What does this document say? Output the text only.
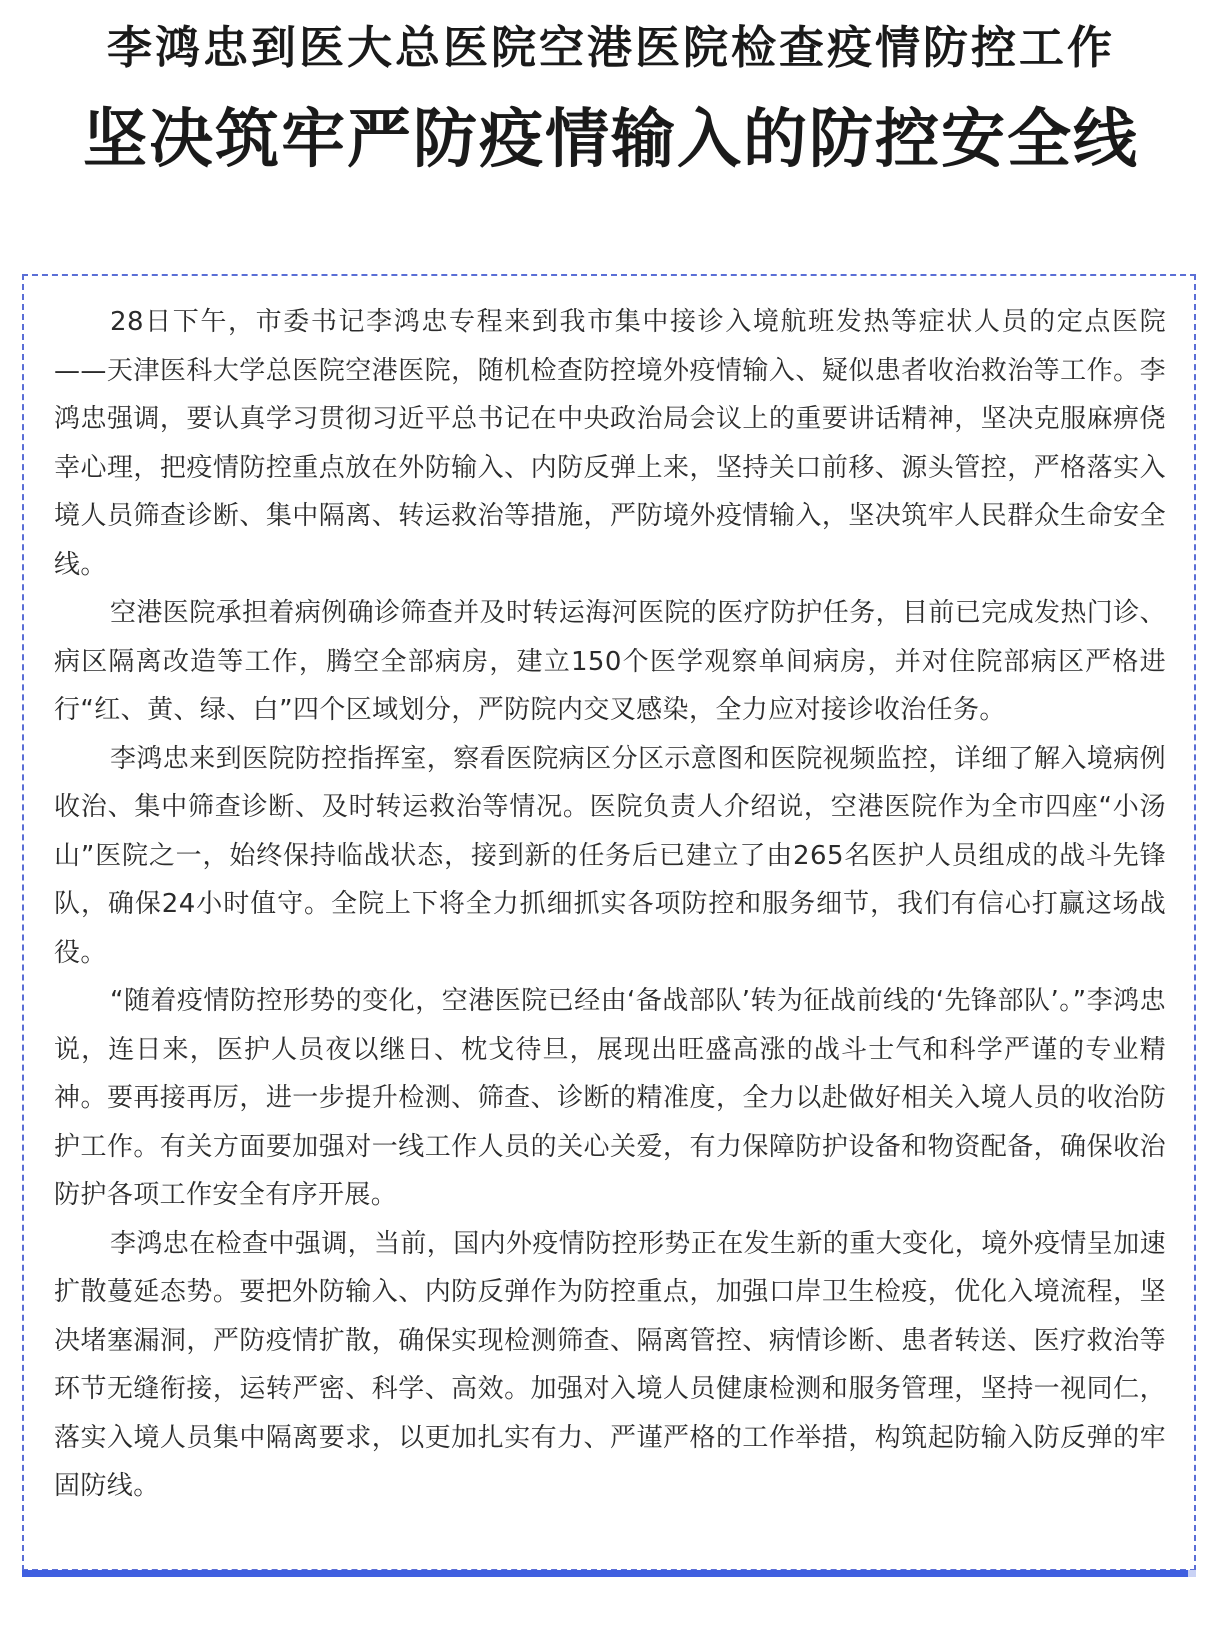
李鸿忠到医大总医院空港医院检查疫情防控工作
坚决筑牢严防疫情输入的防控安全线

28日下午，市委书记李鸿忠专程来到我市集中接诊入境航班发热等症状人员的定点医院——天津医科大学总医院空港医院，随机检查防控境外疫情输入、疑似患者收治救治等工作。李鸿忠强调，要认真学习贯彻习近平总书记在中央政治局会议上的重要讲话精神，坚决克服麻痹侥幸心理，把疫情防控重点放在外防输入、内防反弹上来，坚持关口前移、源头管控，严格落实入境人员筛查诊断、集中隔离、转运救治等措施，严防境外疫情输入，坚决筑牢人民群众生命安全线。

空港医院承担着病例确诊筛查并及时转运海河医院的医疗防护任务，目前已完成发热门诊、病区隔离改造等工作，腾空全部病房，建立150个医学观察单间病房，并对住院部病区严格进行“红、黄、绿、白”四个区域划分，严防院内交叉感染，全力应对接诊收治任务。

李鸿忠来到医院防控指挥室，察看医院病区分区示意图和医院视频监控，详细了解入境病例收治、集中筛查诊断、及时转运救治等情况。医院负责人介绍说，空港医院作为全市四座“小汤山”医院之一，始终保持临战状态，接到新的任务后已建立了由265名医护人员组成的战斗先锋队，确保24小时值守。全院上下将全力抓细抓实各项防控和服务细节，我们有信心打赢这场战役。

“随着疫情防控形势的变化，空港医院已经由‘备战部队’转为征战前线的‘先锋部队’。”李鸿忠说，连日来，医护人员夜以继日、枕戈待旦，展现出旺盛高涨的战斗士气和科学严谨的专业精神。要再接再厉，进一步提升检测、筛查、诊断的精准度，全力以赴做好相关入境人员的收治防护工作。有关方面要加强对一线工作人员的关心关爱，有力保障防护设备和物资配备，确保收治防护各项工作安全有序开展。

李鸿忠在检查中强调，当前，国内外疫情防控形势正在发生新的重大变化，境外疫情呈加速扩散蔓延态势。要把外防输入、内防反弹作为防控重点，加强口岸卫生检疫，优化入境流程，坚决堵塞漏洞，严防疫情扩散，确保实现检测筛查、隔离管控、病情诊断、患者转送、医疗救治等环节无缝衔接，运转严密、科学、高效。加强对入境人员健康检测和服务管理，坚持一视同仁，落实入境人员集中隔离要求，以更加扎实有力、严谨严格的工作举措，构筑起防输入防反弹的牢固防线。
